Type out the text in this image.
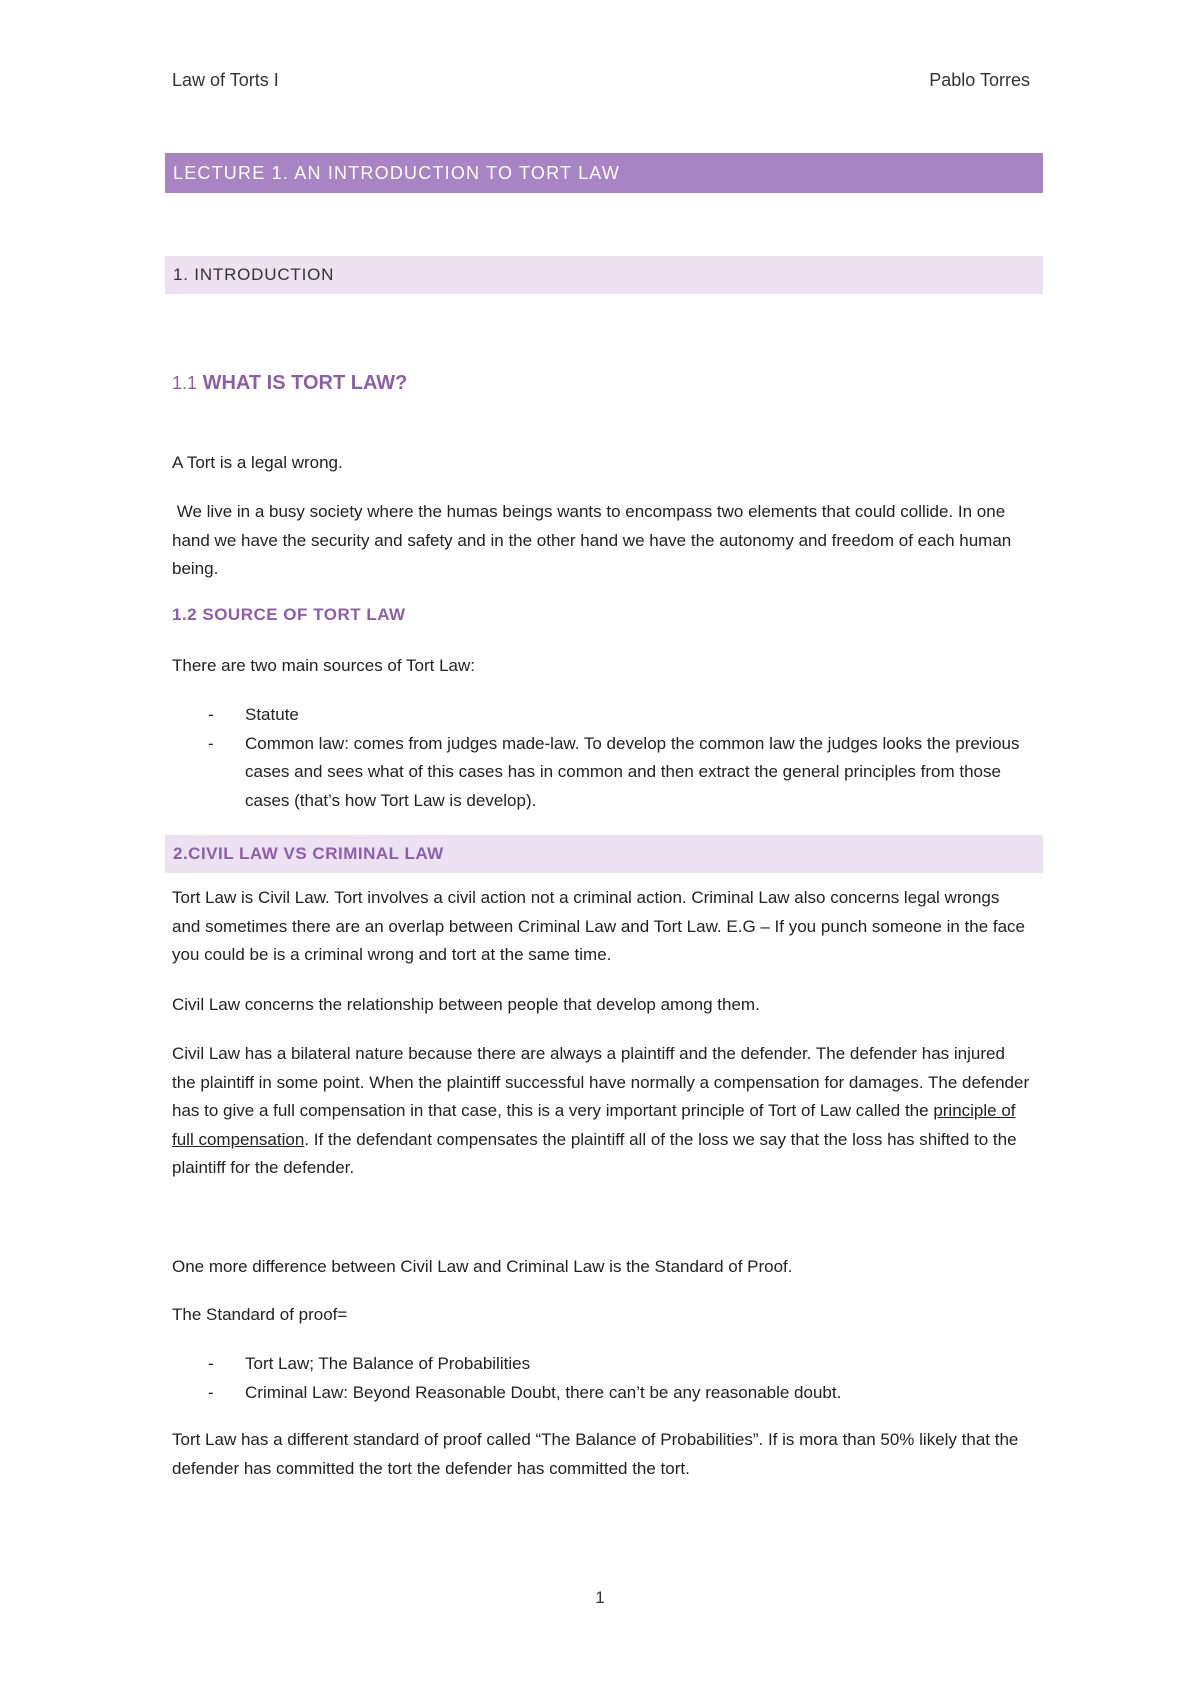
Law of Torts I	Pablo Torres
LECTURE 1. AN INTRODUCTION TO TORT LAW
1. INTRODUCTION
1.1 WHAT IS TORT LAW?
A Tort is a legal wrong.
We live in a busy society where the humas beings wants to encompass two elements that could collide. In one hand we have the security and safety and in the other hand we have the autonomy and freedom of each human being.
1.2 SOURCE OF TORT LAW
There are two main sources of Tort Law:
- Statute
- Common law: comes from judges made-law. To develop the common law the judges looks the previous cases and sees what of this cases has in common and then extract the general principles from those cases (that’s how Tort Law is develop).
2.CIVIL LAW VS CRIMINAL LAW
Tort Law is Civil Law. Tort involves a civil action not a criminal action. Criminal Law also concerns legal wrongs and sometimes there are an overlap between Criminal Law and Tort Law. E.G – If you punch someone in the face you could be is a criminal wrong and tort at the same time.
Civil Law concerns the relationship between people that develop among them.
Civil Law has a bilateral nature because there are always a plaintiff and the defender. The defender has injured the plaintiff in some point. When the plaintiff successful have normally a compensation for damages. The defender has to give a full compensation in that case, this is a very important principle of Tort of Law called the principle of full compensation. If the defendant compensates the plaintiff all of the loss we say that the loss has shifted to the plaintiff for the defender.
One more difference between Civil Law and Criminal Law is the Standard of Proof.
The Standard of proof=
- Tort Law; The Balance of Probabilities
- Criminal Law: Beyond Reasonable Doubt, there can’t be any reasonable doubt.
Tort Law has a different standard of proof called “The Balance of Probabilities”. If is mora than 50% likely that the defender has committed the tort the defender has committed the tort.
1
